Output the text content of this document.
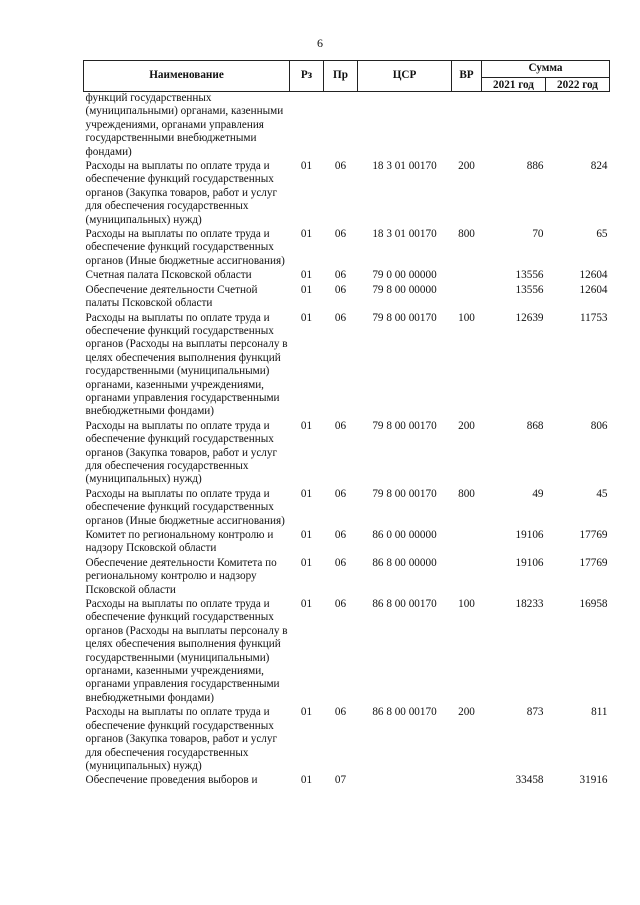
6
Наименование	Рз	Пр	ЦСР	ВР	Сумма	
					2021 год	2022 год
функций государственных (муниципальными) органами, казенными учреждениями, органами управления государственными внебюджетными фондами)						
Расходы на выплаты по оплате труда и обеспечение функций государственных органов (Закупка товаров, работ и услуг для обеспечения государственных (муниципальных) нужд)	01	06	18 3 01 00170	200	886	824
Расходы на выплаты по оплате труда и обеспечение функций государственных органов (Иные бюджетные ассигнования)	01	06	18 3 01 00170	800	70	65
Счетная палата Псковской области	01	06	79 0 00 00000		13556	12604
Обеспечение деятельности Счетной палаты Псковской области	01	06	79 8 00 00000		13556	12604
Расходы на выплаты по оплате труда и обеспечение функций государственных органов (Расходы на выплаты персоналу в целях обеспечения выполнения функций государственными (муниципальными) органами, казенными учреждениями, органами управления государственными внебюджетными фондами)	01	06	79 8 00 00170	100	12639	11753
Расходы на выплаты по оплате труда и обеспечение функций государственных органов (Закупка товаров, работ и услуг для обеспечения государственных (муниципальных) нужд)	01	06	79 8 00 00170	200	868	806
Расходы на выплаты по оплате труда и обеспечение функций государственных органов (Иные бюджетные ассигнования)	01	06	79 8 00 00170	800	49	45
Комитет по региональному контролю и надзору Псковской области	01	06	86 0 00 00000		19106	17769
Обеспечение деятельности Комитета по региональному контролю и надзору Псковской области	01	06	86 8 00 00000		19106	17769
Расходы на выплаты по оплате труда и обеспечение функций государственных органов (Расходы на выплаты персоналу в целях обеспечения выполнения функций государственными (муниципальными) органами, казенными учреждениями, органами управления государственными внебюджетными фондами)	01	06	86 8 00 00170	100	18233	16958
Расходы на выплаты по оплате труда и обеспечение функций государственных органов (Закупка товаров, работ и услуг для обеспечения государственных (муниципальных) нужд)	01	06	86 8 00 00170	200	873	811
Обеспечение проведения выборов и	01	07			33458	31916
